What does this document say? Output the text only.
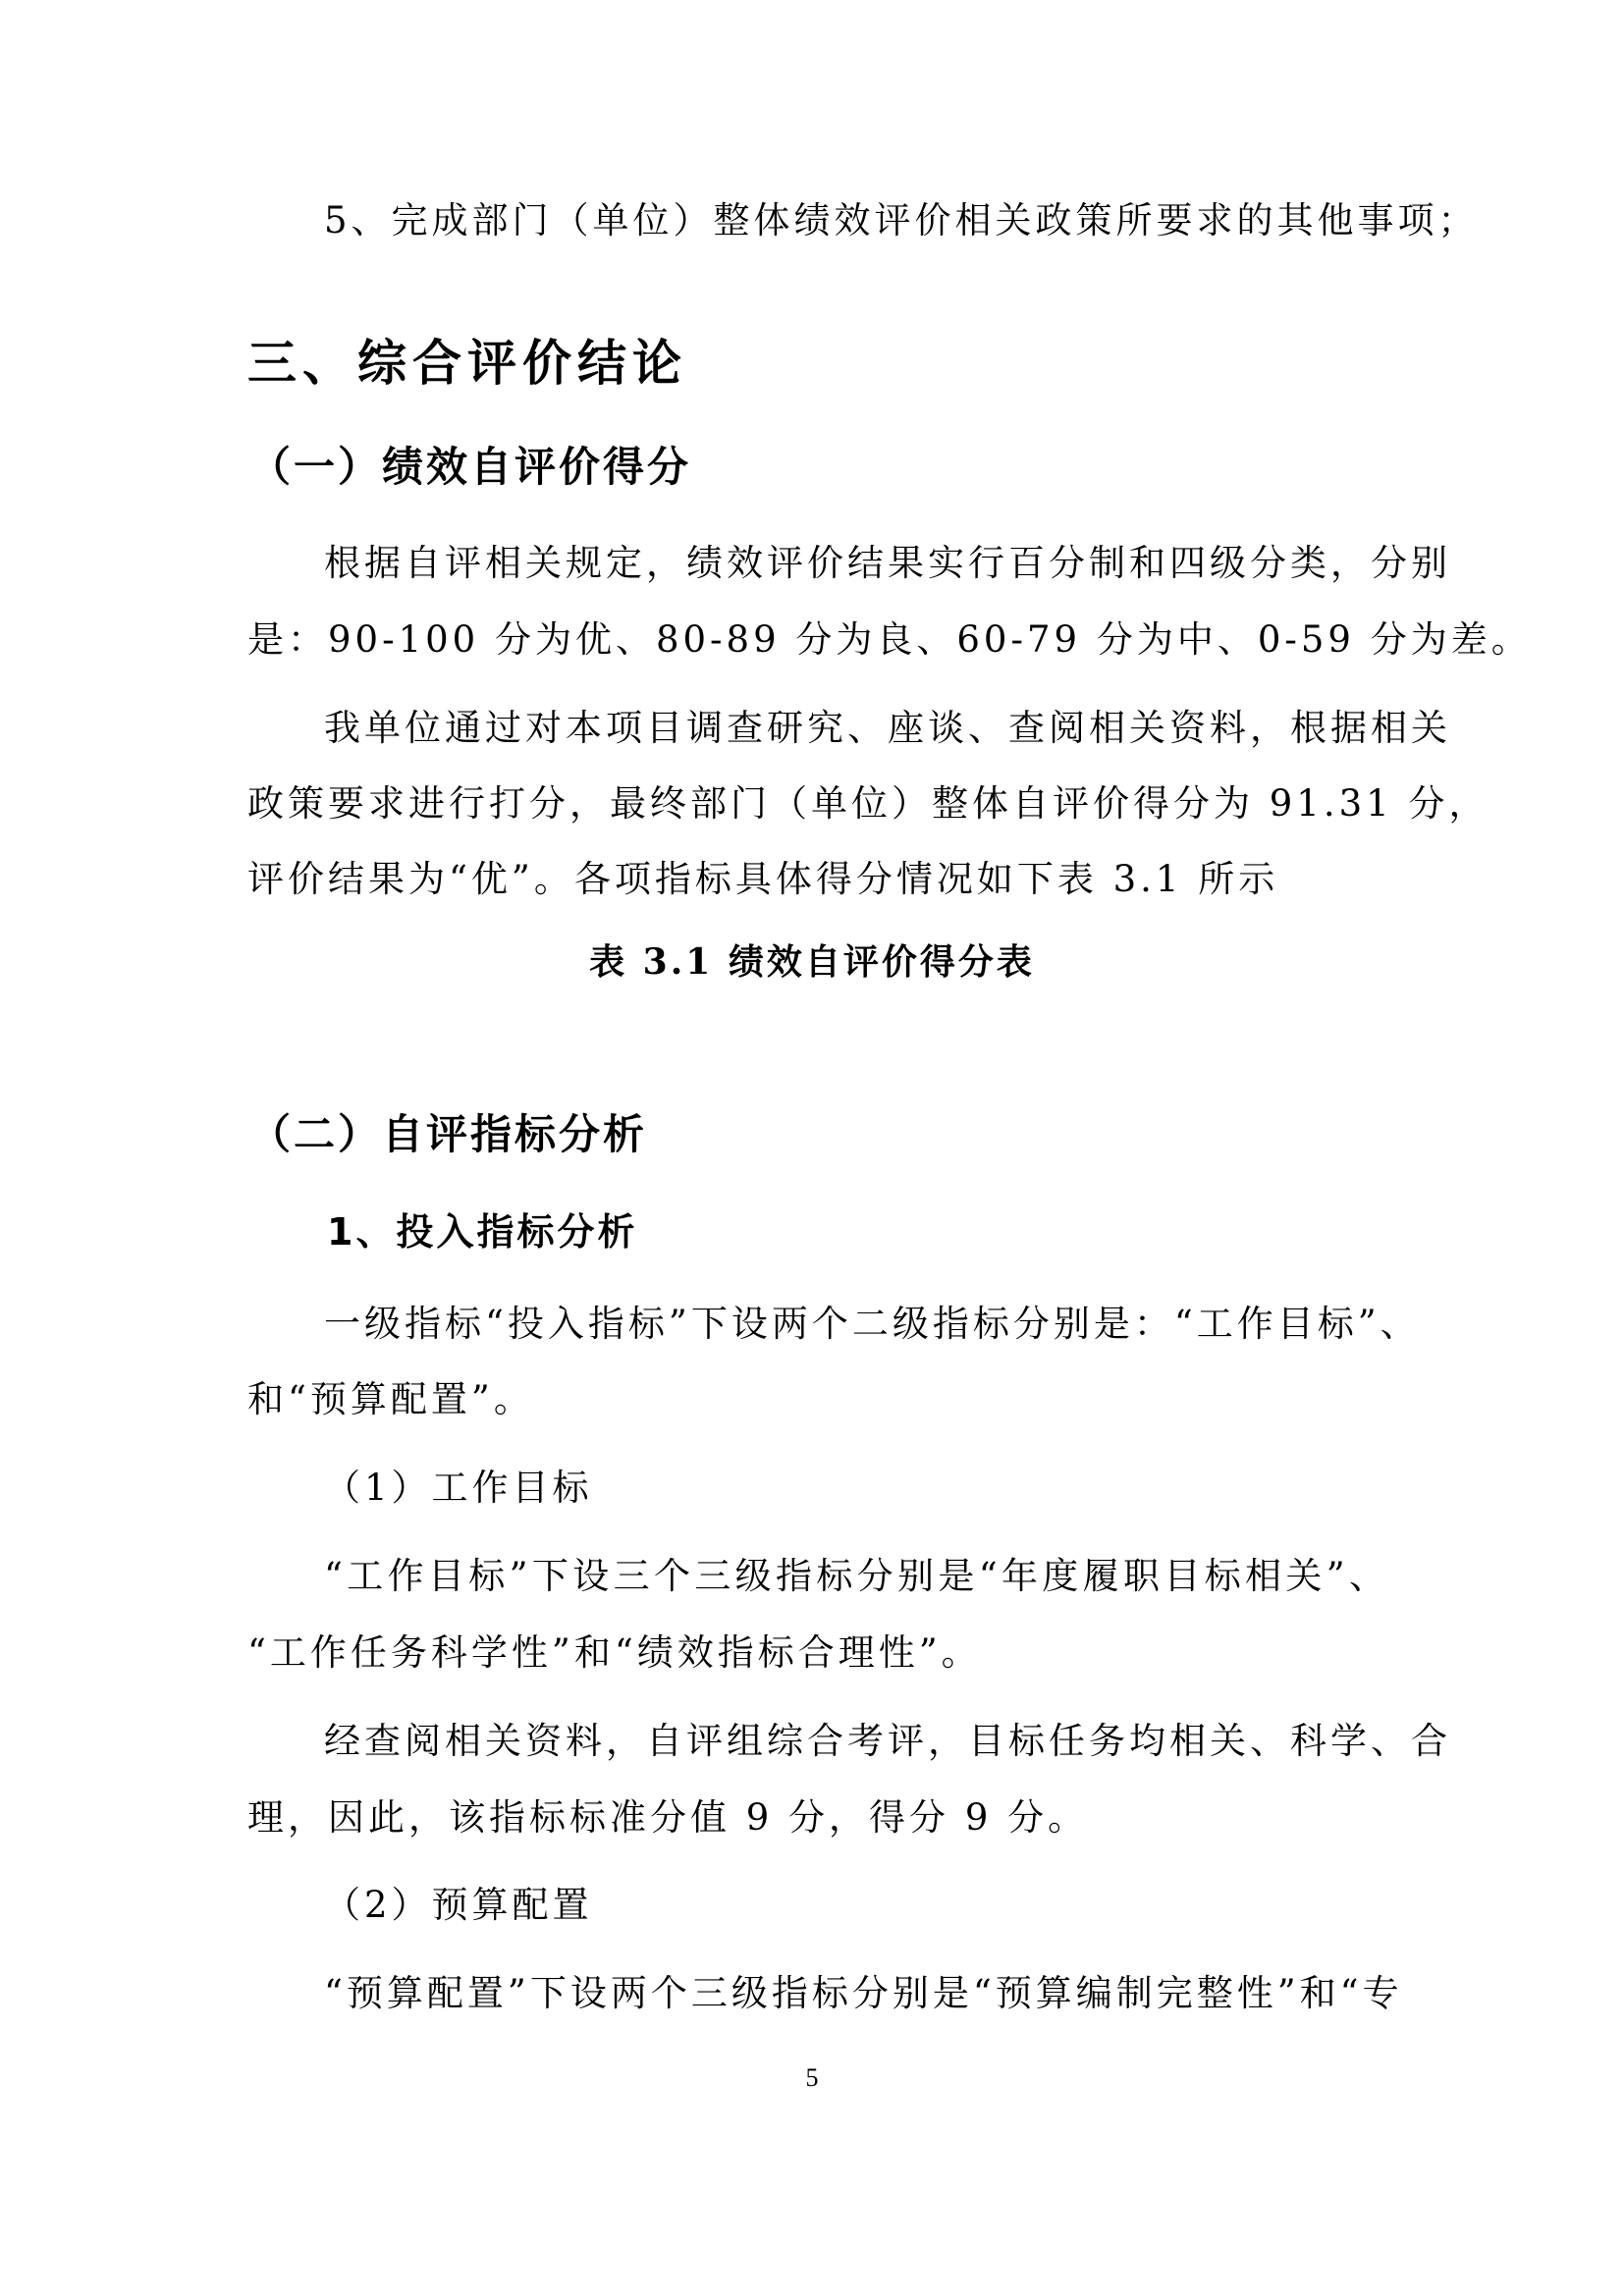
5、完成部门（单位）整体绩效评价相关政策所要求的其他事项；
三、综合评价结论
（一）绩效自评价得分
根据自评相关规定，绩效评价结果实行百分制和四级分类，分别
是：90-100 分为优、80-89 分为良、60-79 分为中、0-59 分为差。
我单位通过对本项目调查研究、座谈、查阅相关资料，根据相关
政策要求进行打分，最终部门（单位）整体自评价得分为 91.31 分，
评价结果为“优”。各项指标具体得分情况如下表 3.1 所示
表 3.1 绩效自评价得分表
（二）自评指标分析
1、投入指标分析
一级指标“投入指标”下设两个二级指标分别是：“工作目标”、
和“预算配置”。
（1）工作目标
“工作目标”下设三个三级指标分别是“年度履职目标相关”、
“工作任务科学性”和“绩效指标合理性”。
经查阅相关资料，自评组综合考评，目标任务均相关、科学、合
理，因此，该指标标准分值 9 分，得分 9 分。
（2）预算配置
“预算配置”下设两个三级指标分别是“预算编制完整性”和“专
5
